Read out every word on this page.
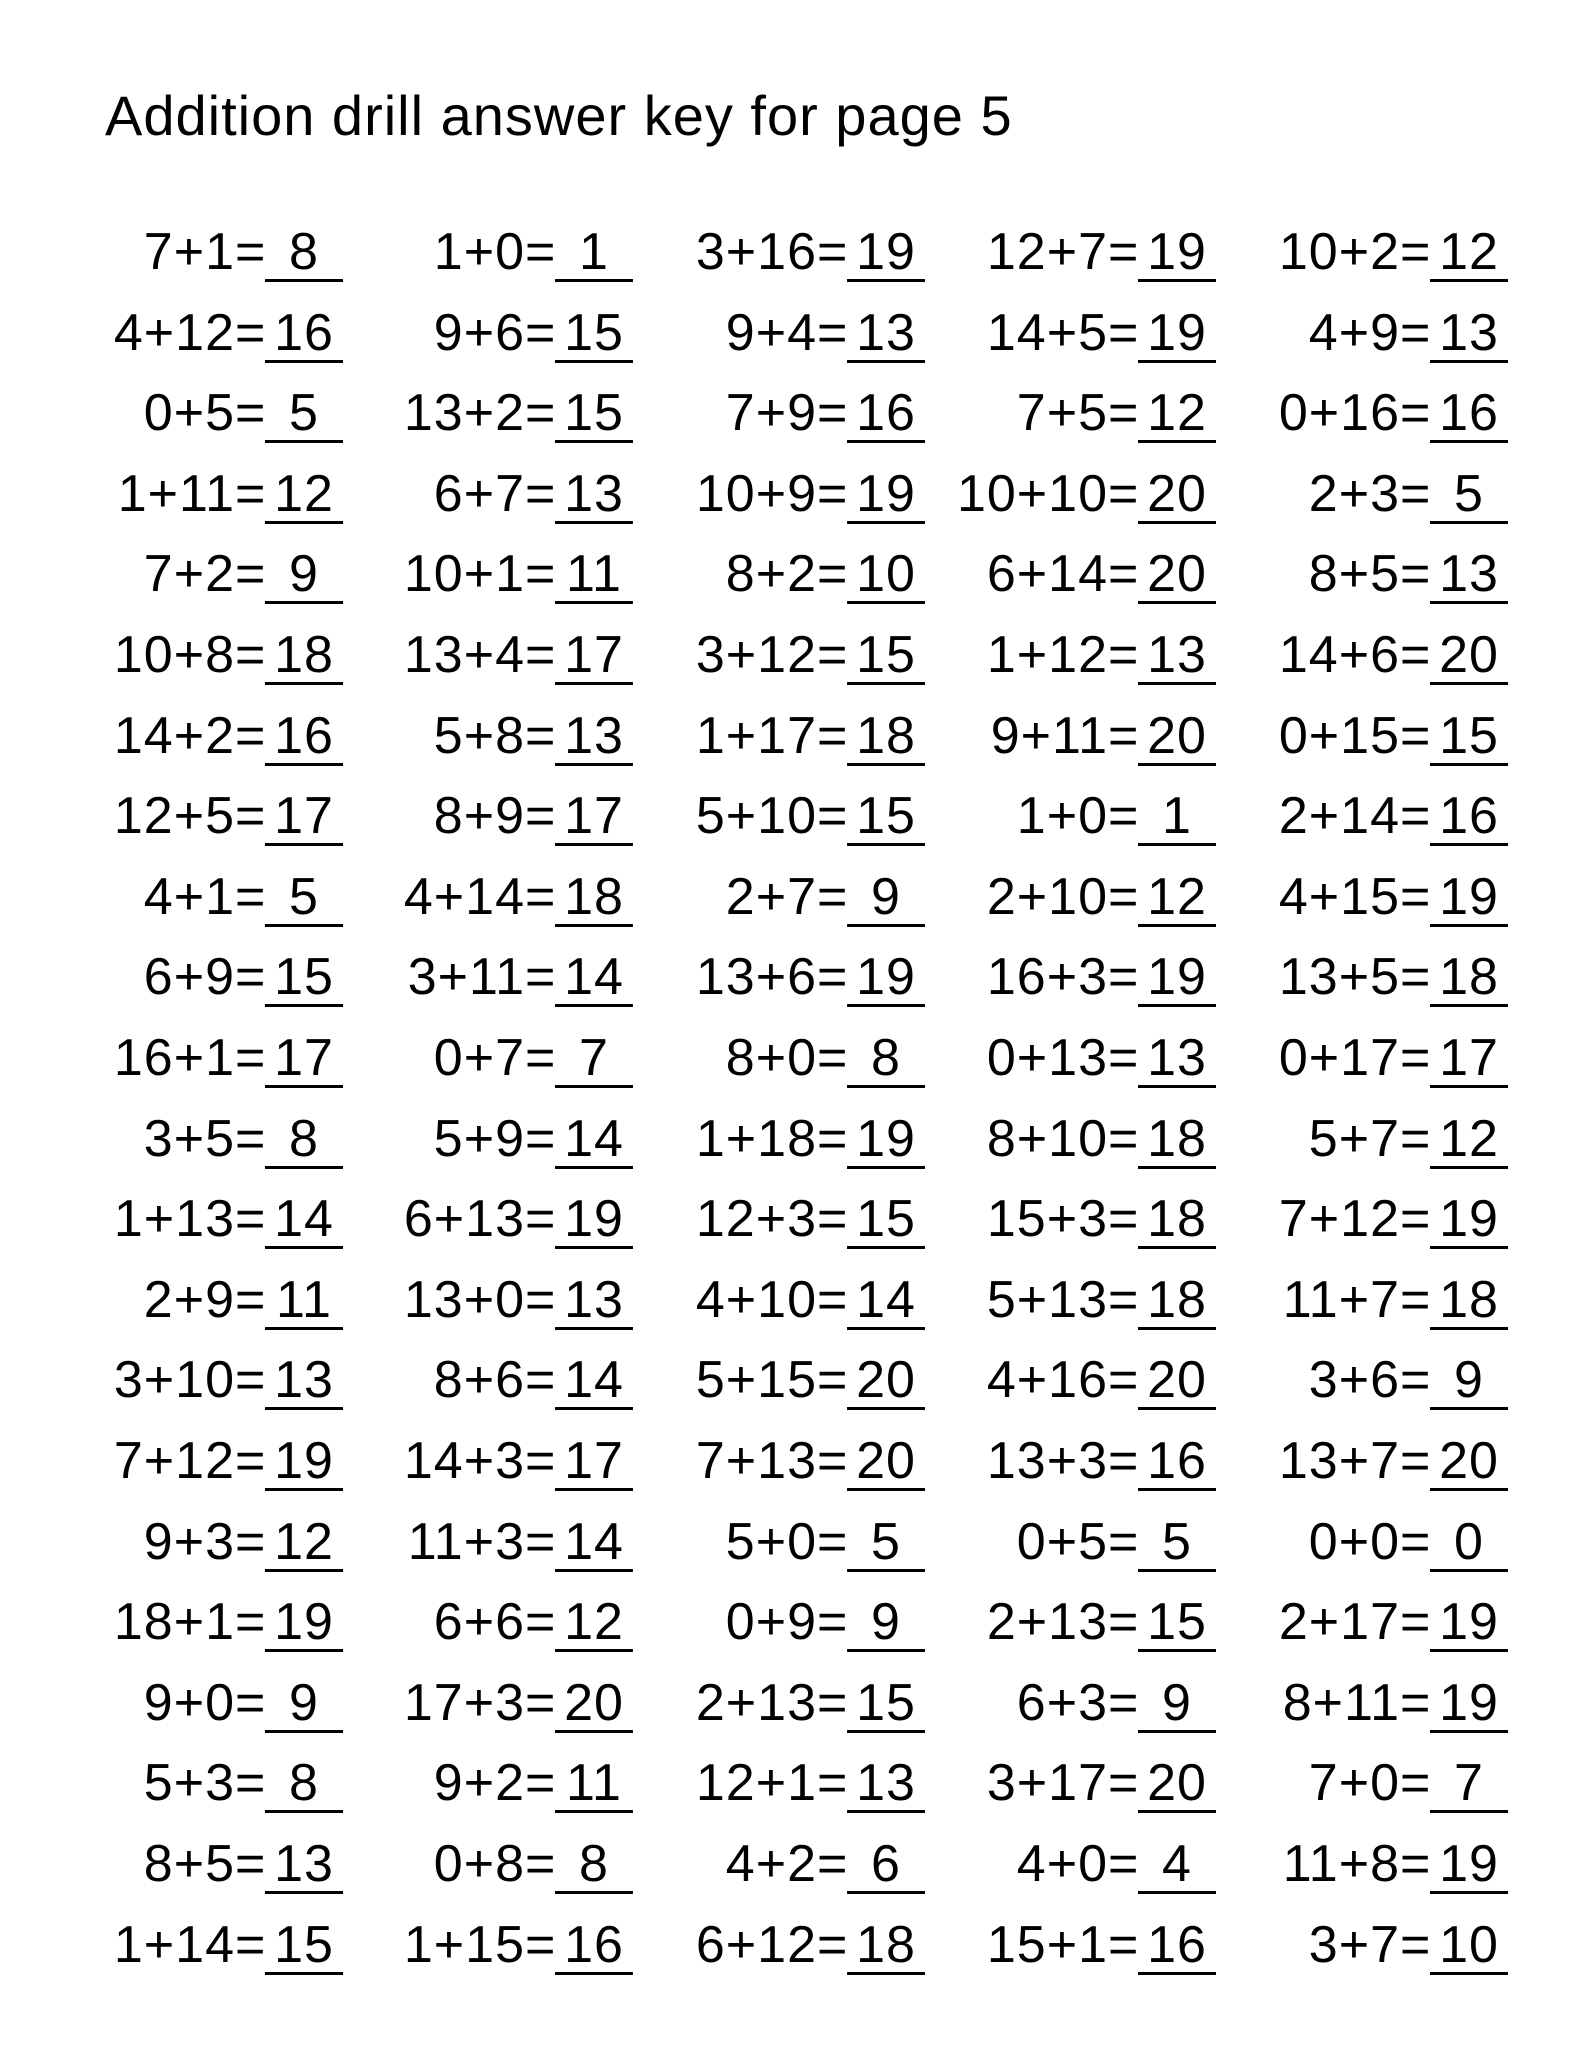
Addition drill answer key for page 5
7+1 = 8	1+0 = 1	3+16 = 19	12+7 = 19	10+2 = 12
4+12 = 16	9+6 = 15	9+4 = 13	14+5 = 19	4+9 = 13
0+5 = 5	13+2 = 15	7+9 = 16	7+5 = 12	0+16 = 16
1+11 = 12	6+7 = 13	10+9 = 19 10+10 = 20	2+3 = 5
7+2 = 9	10+1 = 11	8+2 = 10	6+14 = 20	8+5 = 13
10+8 = 18	13+4 = 17	3+12 = 15	1+12 = 13	14+6 = 20
14+2 = 16	5+8 = 13	1+17 = 18	9+11 = 20	0+15 = 15
12+5 = 17	8+9 = 17	5+10 = 15	1+0 = 1	2+14 = 16
4+1 = 5	4+14 = 18	2+7 = 9	2+10 = 12	4+15 = 19
6+9 = 15	3+11 = 14	13+6 = 19	16+3 = 19	13+5 = 18
16+1 = 17	0+7 = 7	8+0 = 8	0+13 = 13	0+17 = 17
3+5 = 8	5+9 = 14	1+18 = 19	8+10 = 18	5+7 = 12
1+13 = 14	6+13 = 19	12+3 = 15	15+3 = 18	7+12 = 19
2+9 = 11	13+0 = 13	4+10 = 14	5+13 = 18	11+7 = 18
3+10 = 13	8+6 = 14	5+15 = 20	4+16 = 20	3+6 = 9
7+12 = 19	14+3 = 17	7+13 = 20	13+3 = 16	13+7 = 20
9+3 = 12	11+3 = 14	5+0 = 5	0+5 = 5	0+0 = 0
18+1 = 19	6+6 = 12	0+9 = 9	2+13 = 15	2+17 = 19
9+0 = 9	17+3 = 20	2+13 = 15	6+3 = 9	8+11 = 19
5+3 = 8	9+2 = 11	12+1 = 13	3+17 = 20	7+0 = 7
8+5 = 13	0+8 = 8	4+2 = 6	4+0 = 4	11+8 = 19
1+14 = 15	1+15 = 16	6+12 = 18	15+1 = 16	3+7 = 10
